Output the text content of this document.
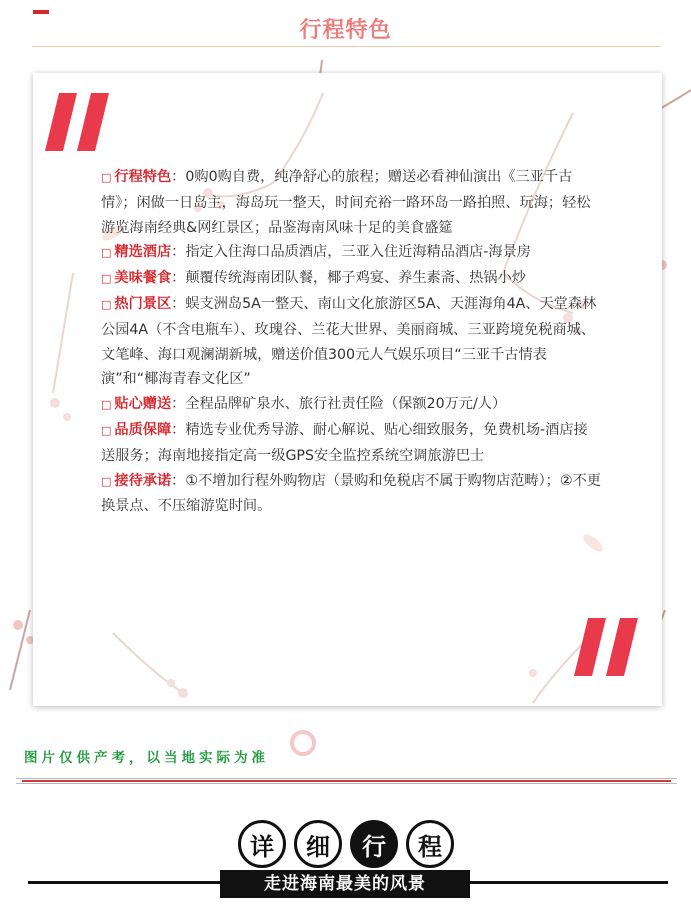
行程特色

□ 行程特色：0购0购自费，纯净舒心的旅程；赠送必看神仙演出《三亚千古情》；闲做一日岛主，海岛玩一整天，时间充裕一路环岛一路拍照、玩海；轻松游览海南经典&网红景区；品鉴海南风味十足的美食盛筵

□ 精选酒店：指定入住海口品质酒店，三亚入住近海精品酒店-海景房

□ 美味餐食：颠覆传统海南团队餐，椰子鸡宴、养生素斋、热锅小炒

□ 热门景区：蜈支洲岛5A一整天、南山文化旅游区5A、天涯海角4A、天堂森林公园4A（不含电瓶车）、玫瑰谷、兰花大世界、美丽商城、三亚跨境免税商城、文笔峰、海口观澜湖新城，赠送价值300元人气娱乐项目“三亚千古情表演”和“椰海青春文化区”

□ 贴心赠送：全程品牌矿泉水、旅行社责任险（保额20万元/人）

□ 品质保障：精选专业优秀导游、耐心解说、贴心细致服务，免费机场-酒店接送服务；海南地接指定高一级GPS安全监控系统空调旅游巴士

□ 接待承诺：①不增加行程外购物店（景购和免税店不属于购物店范畴）；②不更换景点、不压缩游览时间。

图片仅供产考，以当地实际为准
详	细	行	程
走进海南最美的风景
